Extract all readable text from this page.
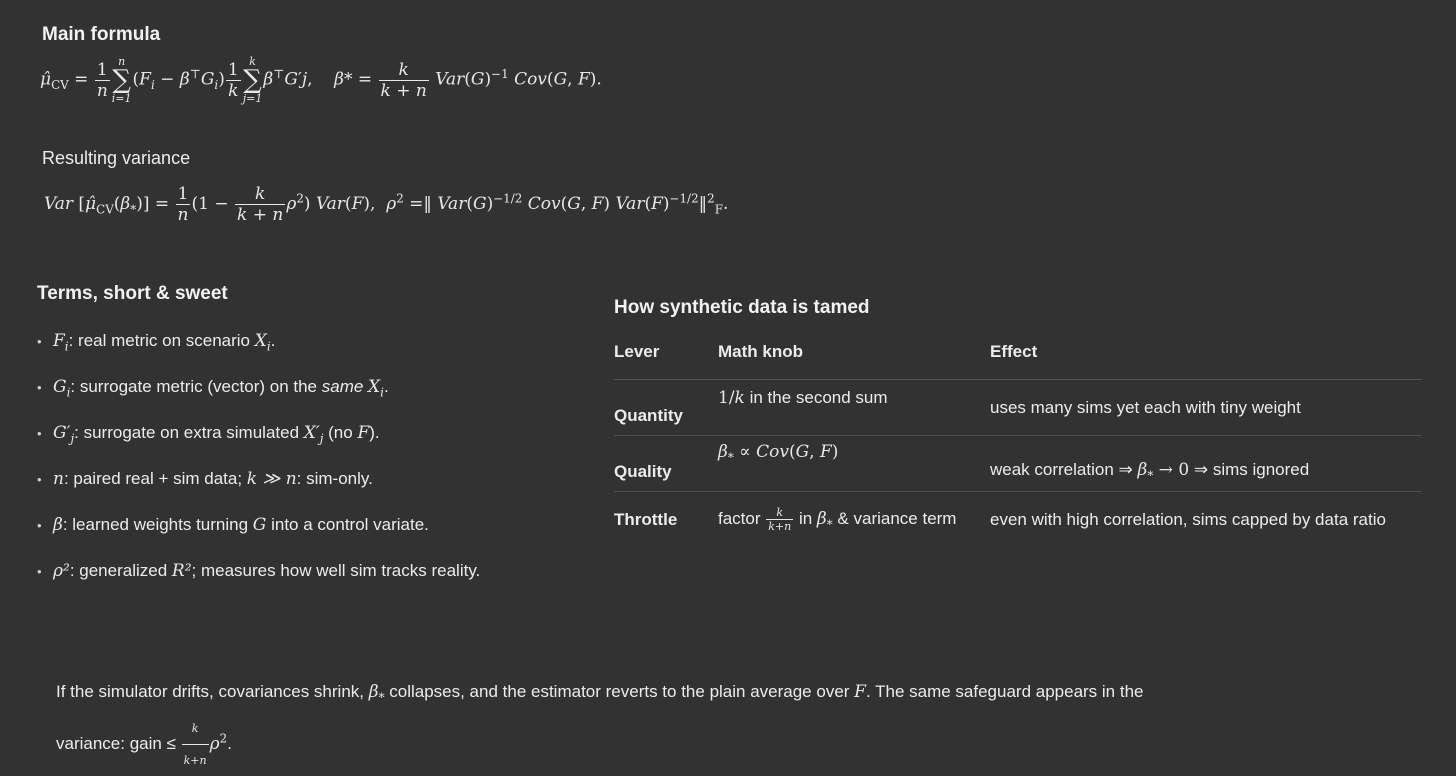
Main formula
$\mû_{CV} = \frac{1}{n}$ n
∑
i=1
$(F_i - \beta^⊤G_i) \frac{1}{k}$ k
∑
j=1
β⊤G′j,    $\beta* = \frac{k}{k + n} Var(G)^{-1}$ Cov(G, F).
Resulting variance
Var $[\mû_{CV}(\beta_*)] = \frac{1}{n} (1 - \frac{k}{k + n} \rho^2)$ Var(F),  $\rho^2$ =‖ $Var(G)^{-1/2}$ Cov(G, F) $Var(F)^{-1/2}‖^2_F$.
Terms, short & sweet
• $F_i$: real metric on scenario $X_i$.
• $G_i$: surrogate metric (vector) on the same $X_i$.
• $G'_j$: surrogate on extra simulated $X'_j$ (no F).
• n: paired real + sim data; k ≫ n: sim-only.
• β: learned weights turning G into a control variate.
• ρ²: generalized R²; measures how well sim tracks reality.
How synthetic data is tamed
Lever	Math knob	Effect
Quantity	1/k in the second sum	uses many sims yet each with tiny weight
Quality	$\beta_* \propto Cov(G$, F)	weak correlation ⇒ $\beta_* \to 0$ ⇒ sims ignored
Throttle	factor $\frac{k}{k+n}$ in $\beta_*$ & variance term	even with high correlation, sims capped by data ratio
If the simulator drifts, covariances shrink, $\beta_*$ collapses, and the estimator reverts to the plain average over F. The same safeguard appears in the
variance: gain ≤ $\frac{k}{k+n} \rho^2$.
